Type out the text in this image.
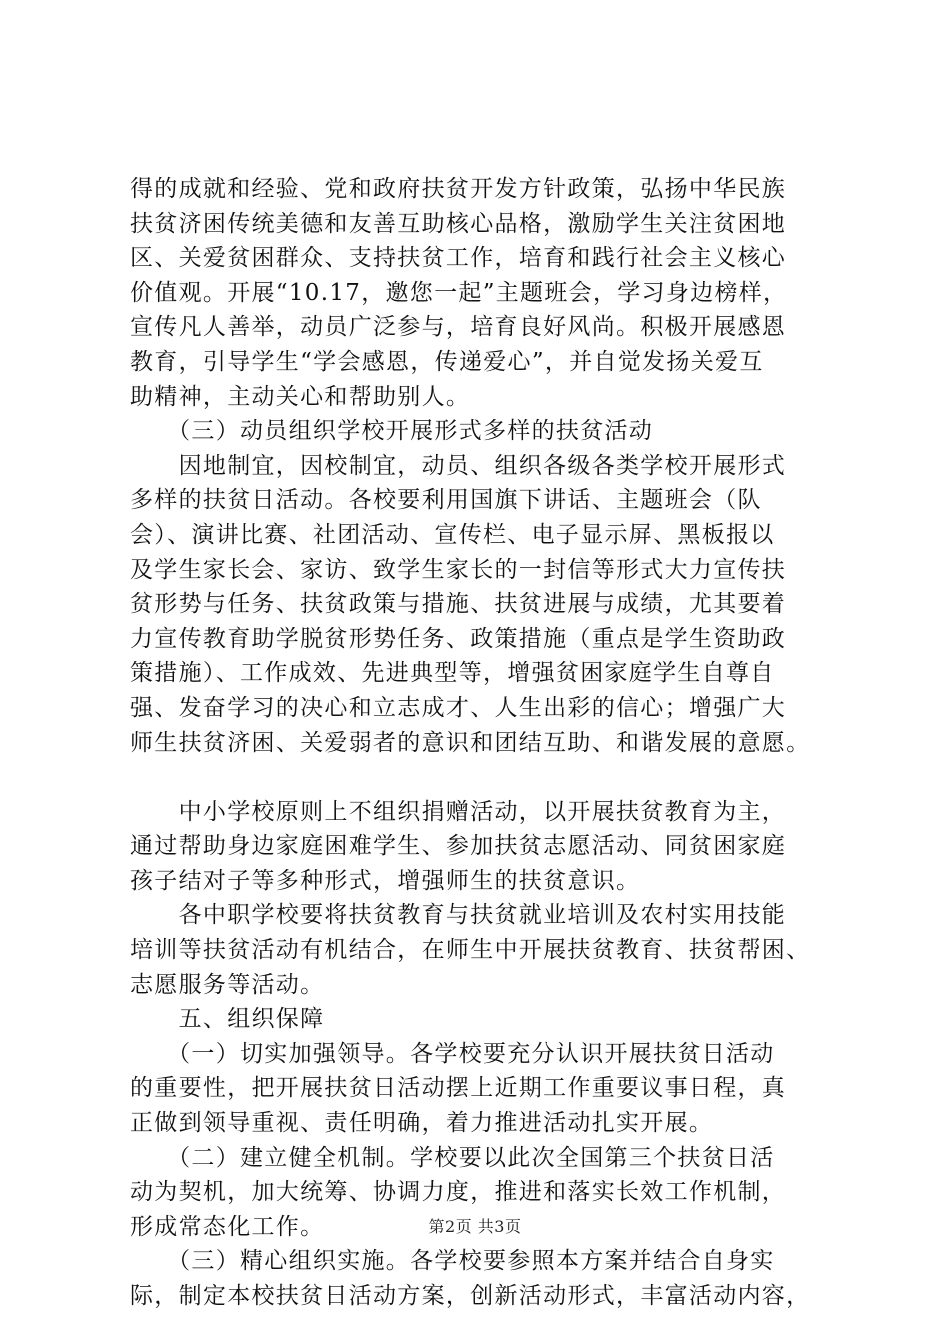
得的成就和经验、党和政府扶贫开发方针政策，弘扬中华民族
扶贫济困传统美德和友善互助核心品格，激励学生关注贫困地
区、关爱贫困群众、支持扶贫工作，培育和践行社会主义核心
价值观。开展“10.17，邀您一起”主题班会，学习身边榜样，
宣传凡人善举，动员广泛参与，培育良好风尚。积极开展感恩
教育，引导学生“学会感恩，传递爱心”，并自觉发扬关爱互
助精神，主动关心和帮助别人。
　　（三）动员组织学校开展形式多样的扶贫活动
　　因地制宜，因校制宜，动员、组织各级各类学校开展形式
多样的扶贫日活动。各校要利用国旗下讲话、主题班会（队
会）、演讲比赛、社团活动、宣传栏、电子显示屏、黑板报以
及学生家长会、家访、致学生家长的一封信等形式大力宣传扶
贫形势与任务、扶贫政策与措施、扶贫进展与成绩，尤其要着
力宣传教育助学脱贫形势任务、政策措施（重点是学生资助政
策措施）、工作成效、先进典型等，增强贫困家庭学生自尊自
强、发奋学习的决心和立志成才、人生出彩的信心；增强广大
师生扶贫济困、关爱弱者的意识和团结互助、和谐发展的意愿。
　　中小学校原则上不组织捐赠活动，以开展扶贫教育为主，
通过帮助身边家庭困难学生、参加扶贫志愿活动、同贫困家庭
孩子结对子等多种形式，增强师生的扶贫意识。
　　各中职学校要将扶贫教育与扶贫就业培训及农村实用技能
培训等扶贫活动有机结合，在师生中开展扶贫教育、扶贫帮困、
志愿服务等活动。
　　五、组织保障
　　（一）切实加强领导。各学校要充分认识开展扶贫日活动
的重要性，把开展扶贫日活动摆上近期工作重要议事日程，真
正做到领导重视、责任明确，着力推进活动扎实开展。
　　（二）建立健全机制。学校要以此次全国第三个扶贫日活
动为契机，加大统筹、协调力度，推进和落实长效工作机制，
形成常态化工作。
　　（三）精心组织实施。各学校要参照本方案并结合自身实
际，制定本校扶贫日活动方案，创新活动形式，丰富活动内容，
第2页 共3页
